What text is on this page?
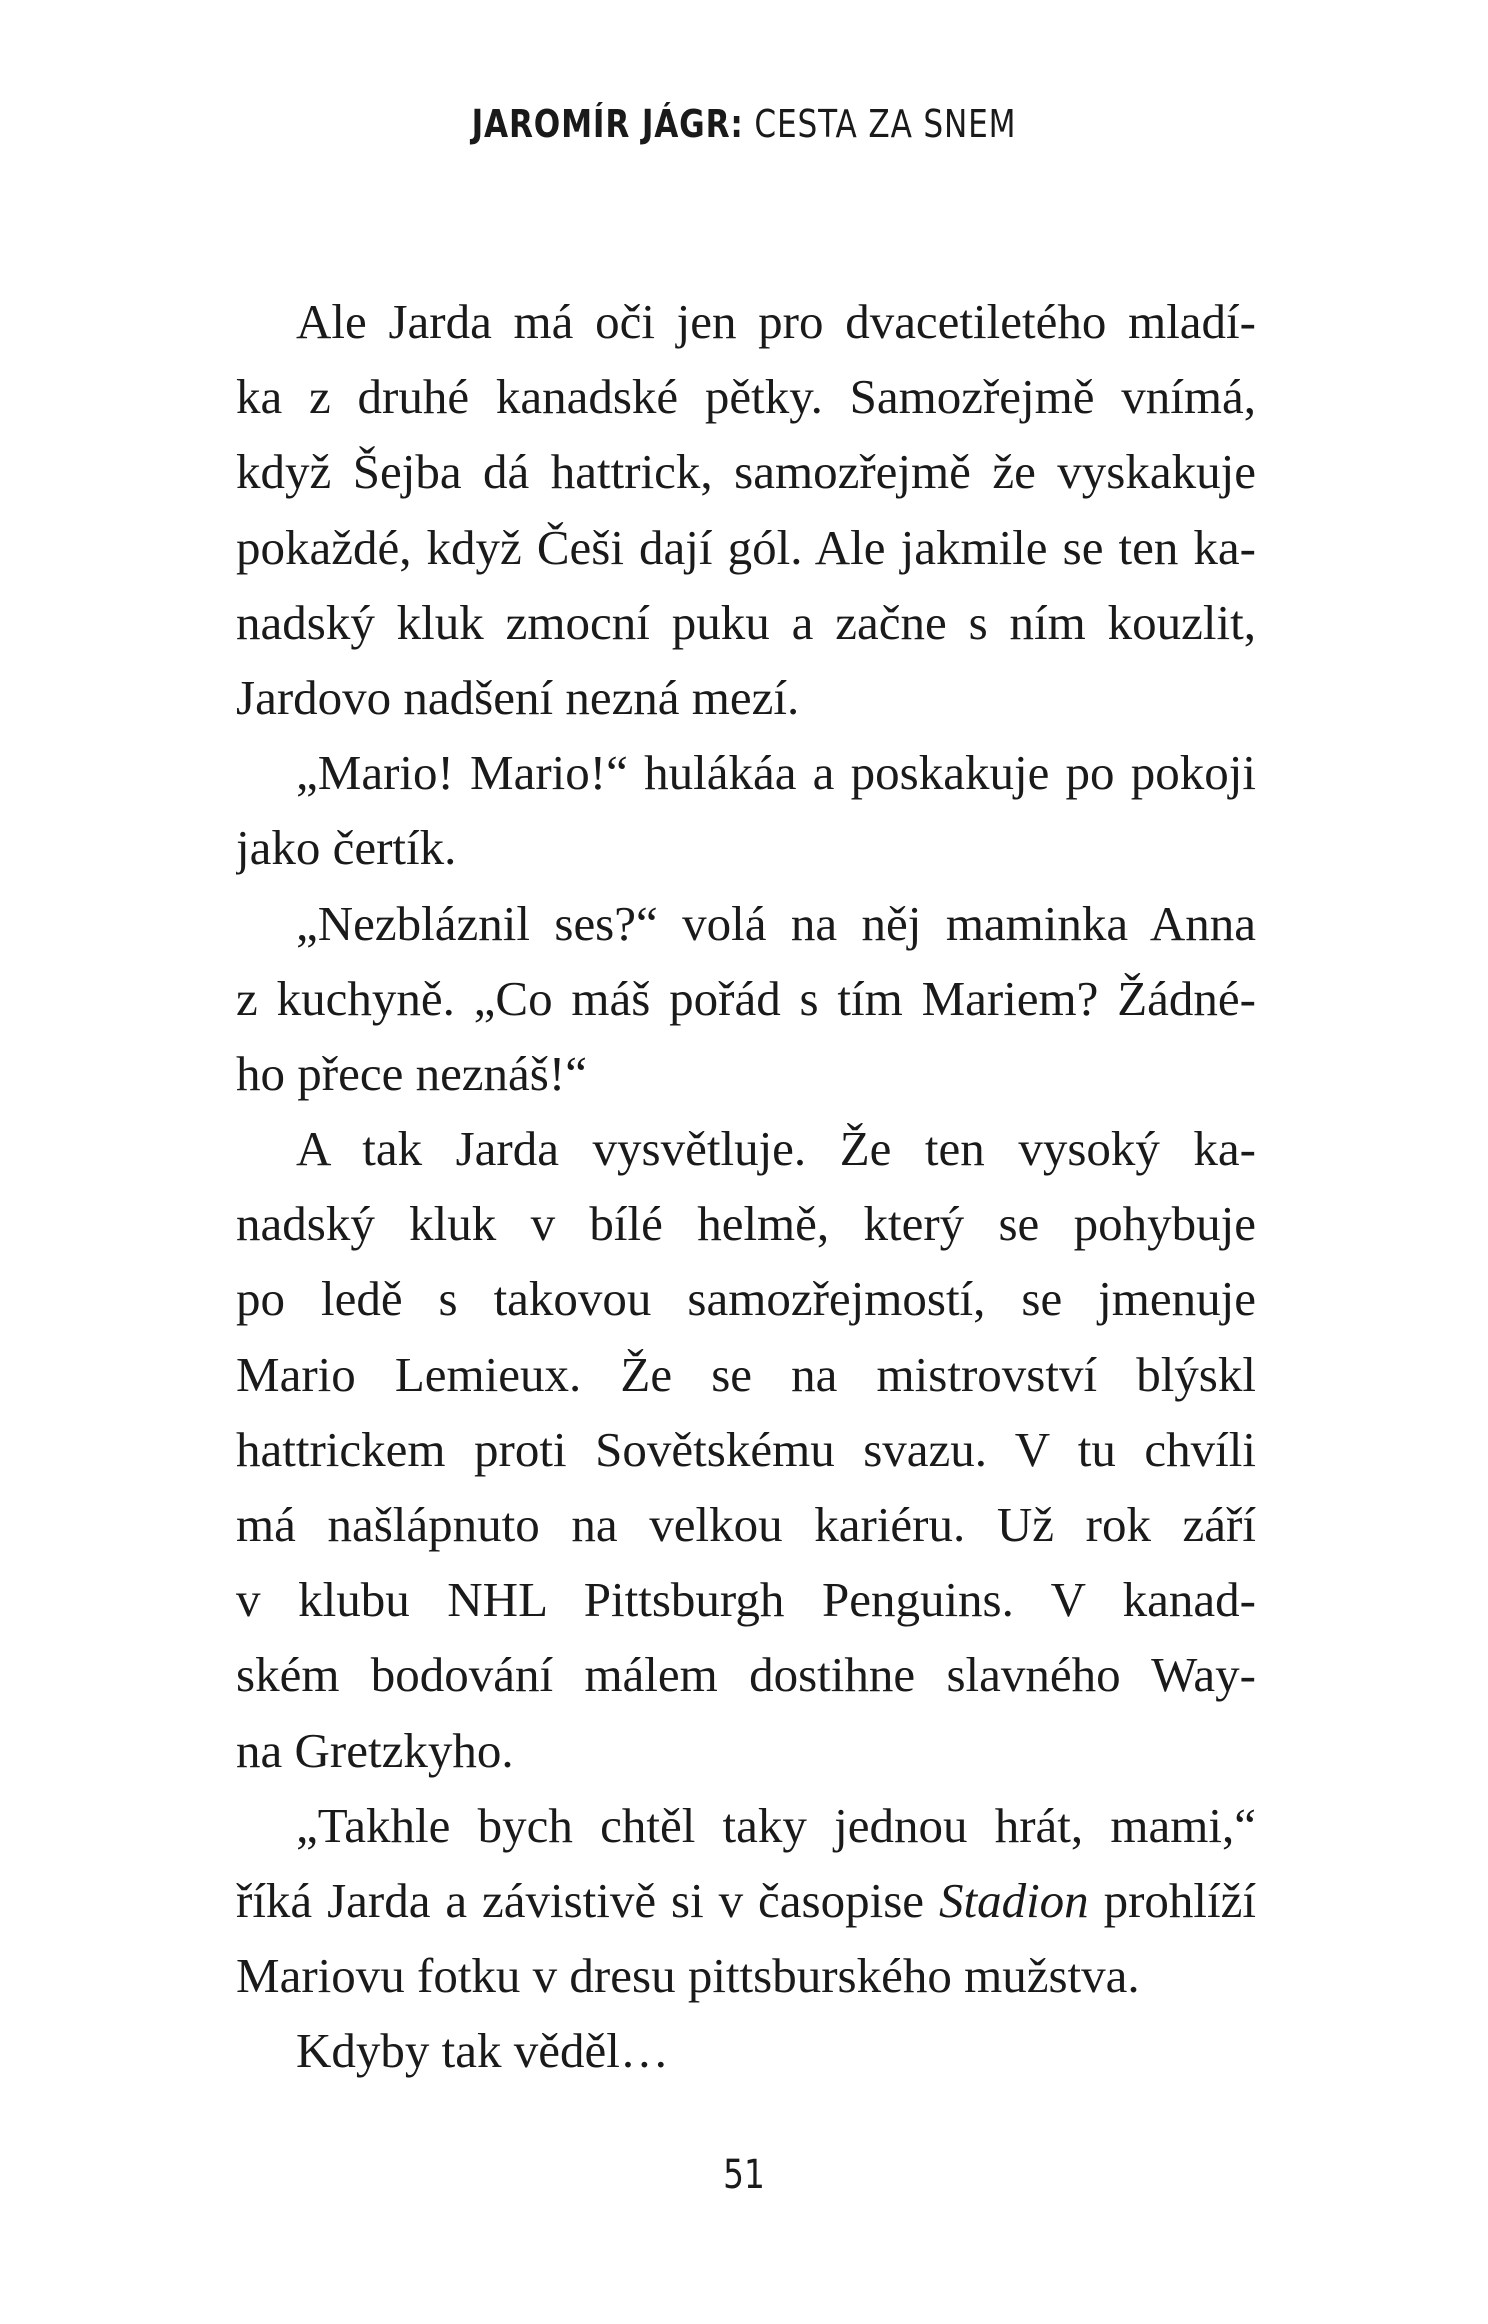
JAROMÍR JÁGR: CESTA ZA SNEM
Ale Jarda má oči jen pro dvacetiletého mladí-
ka z druhé kanadské pětky. Samozřejmě vnímá,
když Šejba dá hattrick, samozřejmě že vyskakuje
pokaždé, když Češi dají gól. Ale jakmile se ten ka-
nadský kluk zmocní puku a začne s ním kouzlit,
Jardovo nadšení nezná mezí.
„Mario! Mario!“ hulákáa a poskakuje po pokoji
jako čertík.
„Nezbláznil ses?“ volá na něj maminka Anna
z kuchyně. „Co máš pořád s tím Mariem? Žádné-
ho přece neznáš!“
A tak Jarda vysvětluje. Že ten vysoký ka-
nadský kluk v bílé helmě, který se pohybuje
po ledě s takovou samozřejmostí, se jmenuje
Mario Lemieux. Že se na mistrovství blýskl
hattrickem proti Sovětskému svazu. V tu chvíli
má našlápnuto na velkou kariéru. Už rok září
v klubu NHL Pittsburgh Penguins. V kanad-
ském bodování málem dostihne slavného Way-
na Gretzkyho.
„Takhle bych chtěl taky jednou hrát, mami,“
říká Jarda a závistivě si v časopise Stadion prohlíží
Mariovu fotku v dresu pittsburského mužstva.
Kdyby tak věděl…
51
